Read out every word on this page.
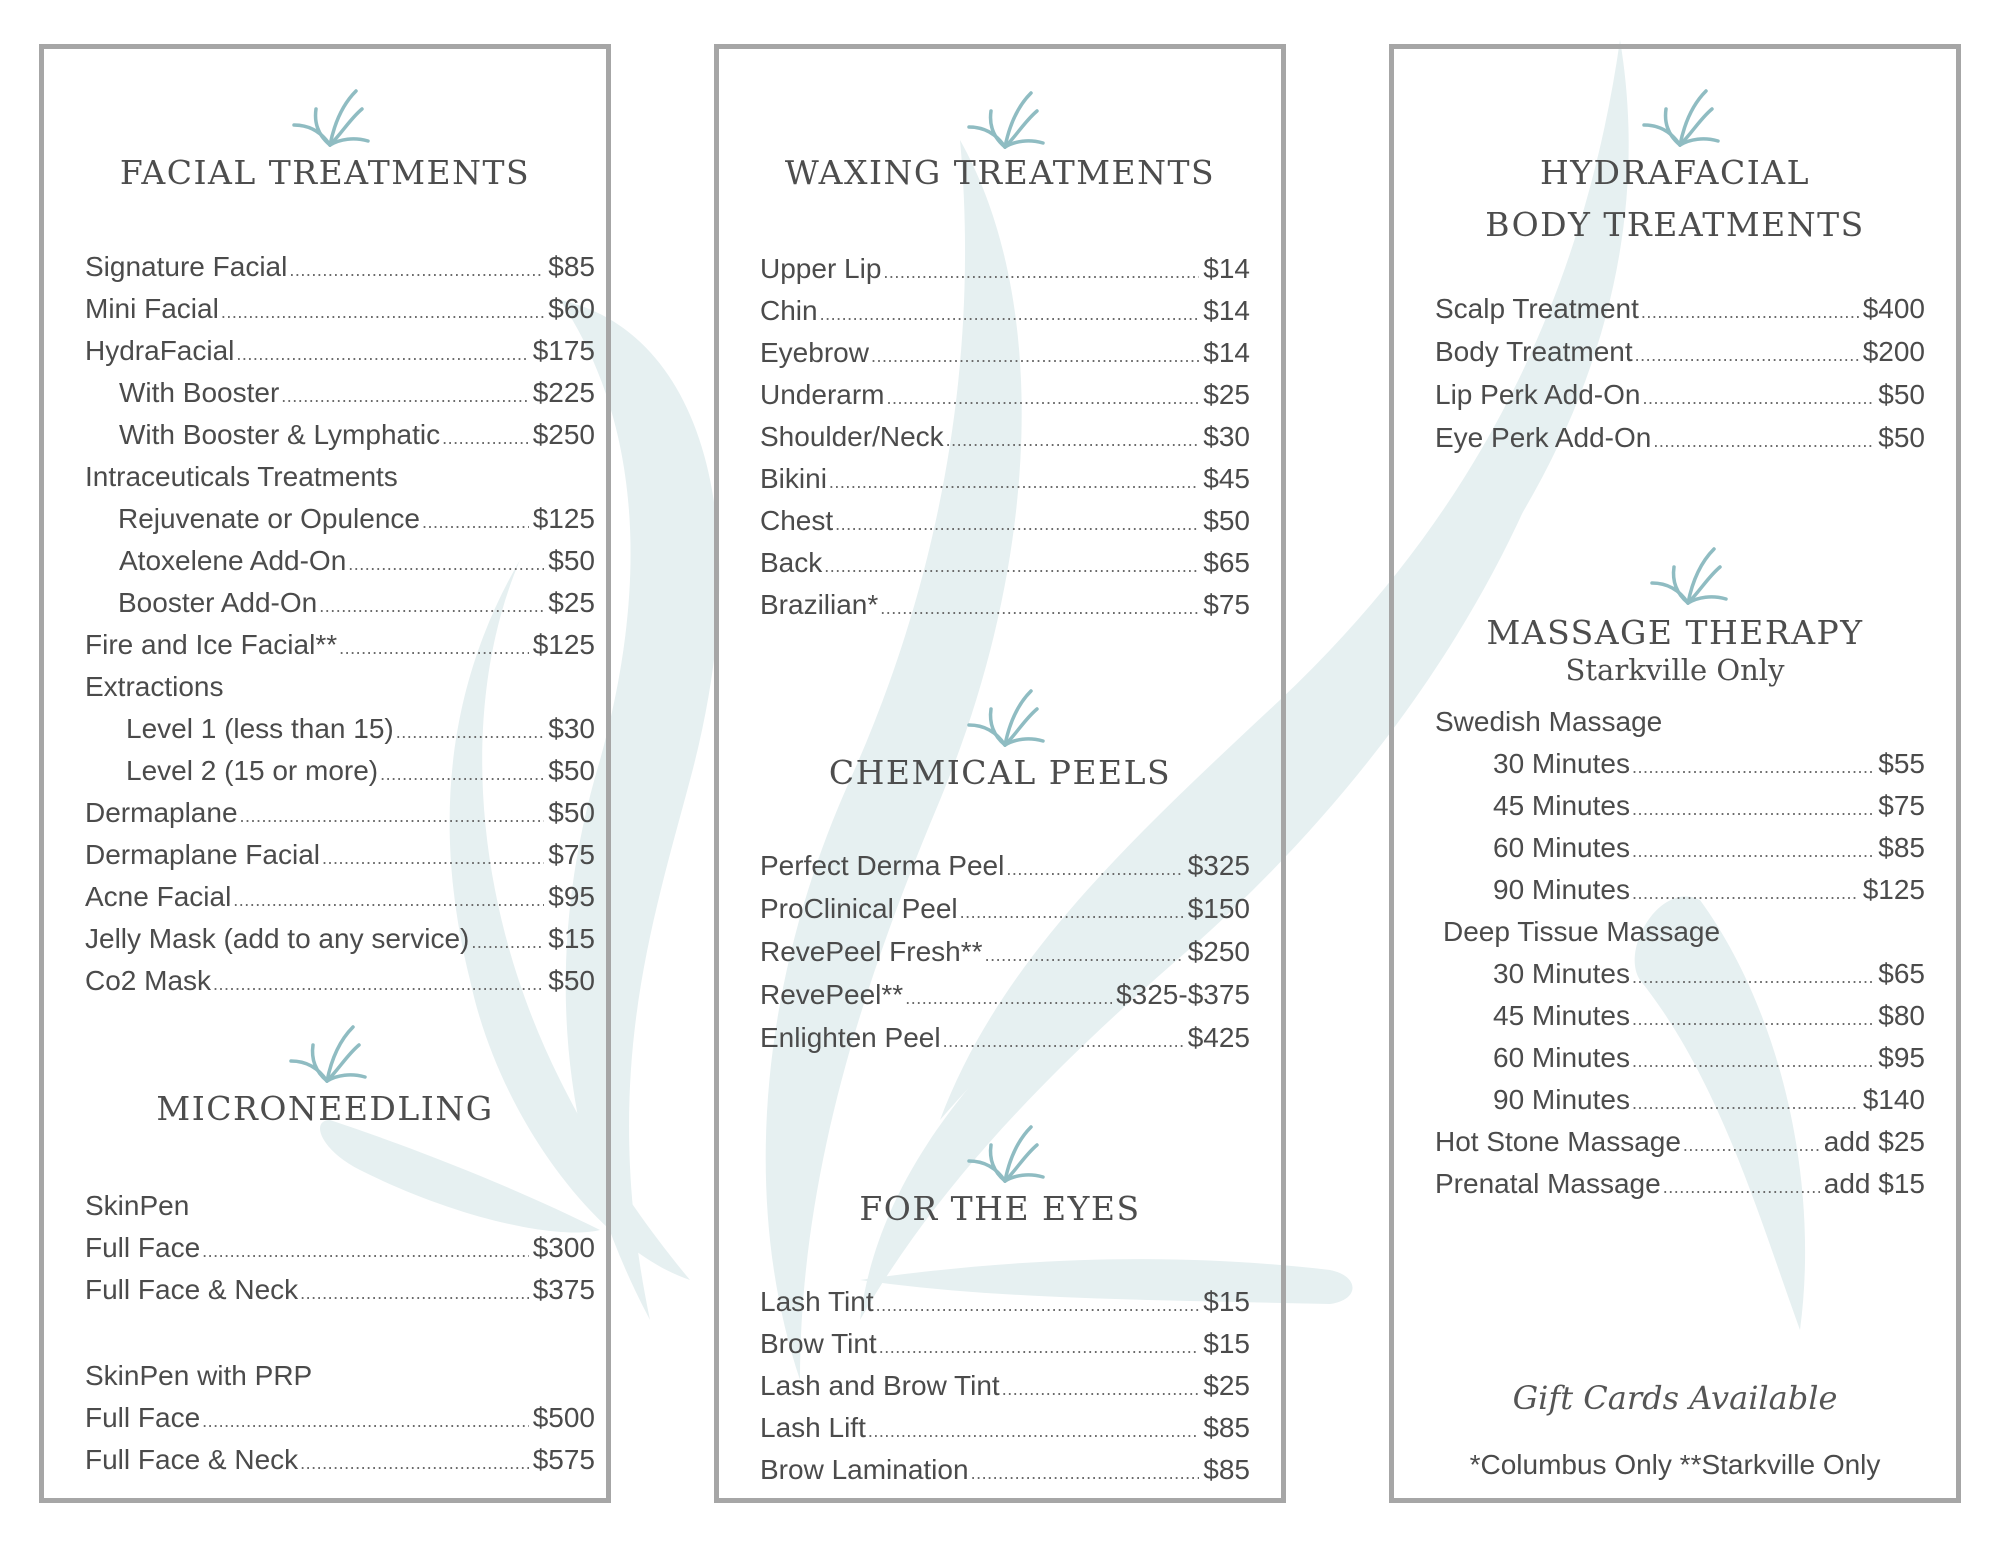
FACIAL TREATMENTS
Signature Facial .....	$85
Mini Facial .....	$60
HydraFacial .....	$175
With Booster .....	$225
With Booster & Lymphatic .....	$250
Intraceuticals Treatments
Rejuvenate or Opulence .....	$125
Atoxelene Add-On .....	$50
Booster Add-On .....	$25
Fire and Ice Facial** .....	$125
Extractions
Level 1 (less than 15) .....	$30
Level 2 (15 or more) .....	$50
Dermaplane .....	$50
Dermaplane Facial .....	$75
Acne Facial .....	$95
Jelly Mask (add to any service) .....	$15
Co2 Mask .....	$50
MICRONEEDLING
SkinPen
Full Face .....	$300
Full Face & Neck .....	$375
SkinPen with PRP
Full Face .....	$500
Full Face & Neck .....	$575
WAXING TREATMENTS
Upper Lip .....	$14
Chin .....	$14
Eyebrow .....	$14
Underarm .....	$25
Shoulder/Neck .....	$30
Bikini .....	$45
Chest .....	$50
Back .....	$65
Brazilian* .....	$75
CHEMICAL PEELS
Perfect Derma Peel .....	$325
ProClinical Peel .....	$150
RevePeel Fresh** .....	$250
RevePeel** .....	$325-$375
Enlighten Peel .....	$425
FOR THE EYES
Lash Tint .....	$15
Brow Tint .....	$15
Lash and Brow Tint .....	$25
Lash Lift .....	$85
Brow Lamination .....	$85
HYDRAFACIAL
BODY TREATMENTS
Scalp Treatment .....	$400
Body Treatment .....	$200
Lip Perk Add-On .....	$50
Eye Perk Add-On .....	$50
MASSAGE THERAPY
Starkville Only
Swedish Massage
30 Minutes .....	$55
45 Minutes .....	$75
60 Minutes .....	$85
90 Minutes .....	$125
Deep Tissue Massage
30 Minutes .....	$65
45 Minutes .....	$80
60 Minutes .....	$95
90 Minutes .....	$140
Hot Stone Massage .....	add $25
Prenatal Massage .....	add $15
Gift Cards Available
*Columbus Only **Starkville Only
